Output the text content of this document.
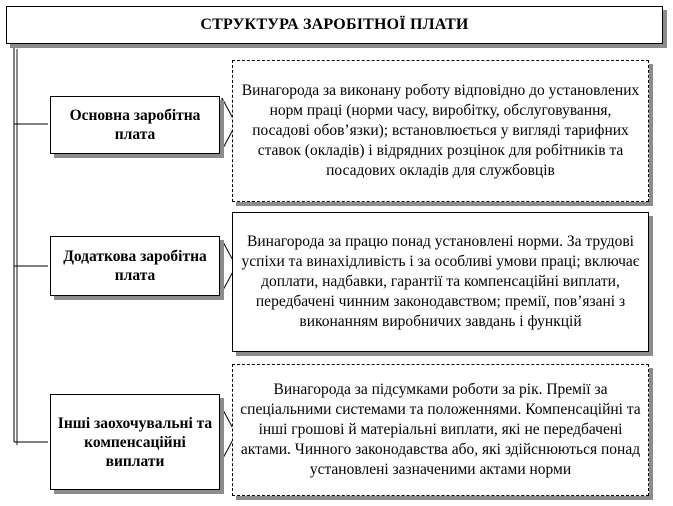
СТРУКТУРА ЗАРОБІТНОЇ ПЛАТИ
Основна заробітна плата
Винагорода за виконану роботу відповідно до установлених норм праці (норми часу, виробітку, обслуговування, посадові обов’язки); встановлюється у вигляді тарифних ставок (окладів) і відрядних розцінок для робітників та посадових окладів для службовців
Додаткова заробітна плата
Винагорода за працю понад установлені норми. За трудові успіхи та винахідливість і за особливі умови праці; включає доплати, надбавки, гарантії та компенсаційні виплати, передбачені чинним законодавством; премії, пов’язані з виконанням виробничих завдань і функцій
Інші заохочувальні та компенсаційні виплати
Винагорода за підсумками роботи за рік. Премії за спеціальними системами та положеннями. Компенсаційні та інші грошові й матеріальні виплати, які не передбачені актами. Чинного законодавства або, які здійснюються понад установлені зазначеними актами норми
